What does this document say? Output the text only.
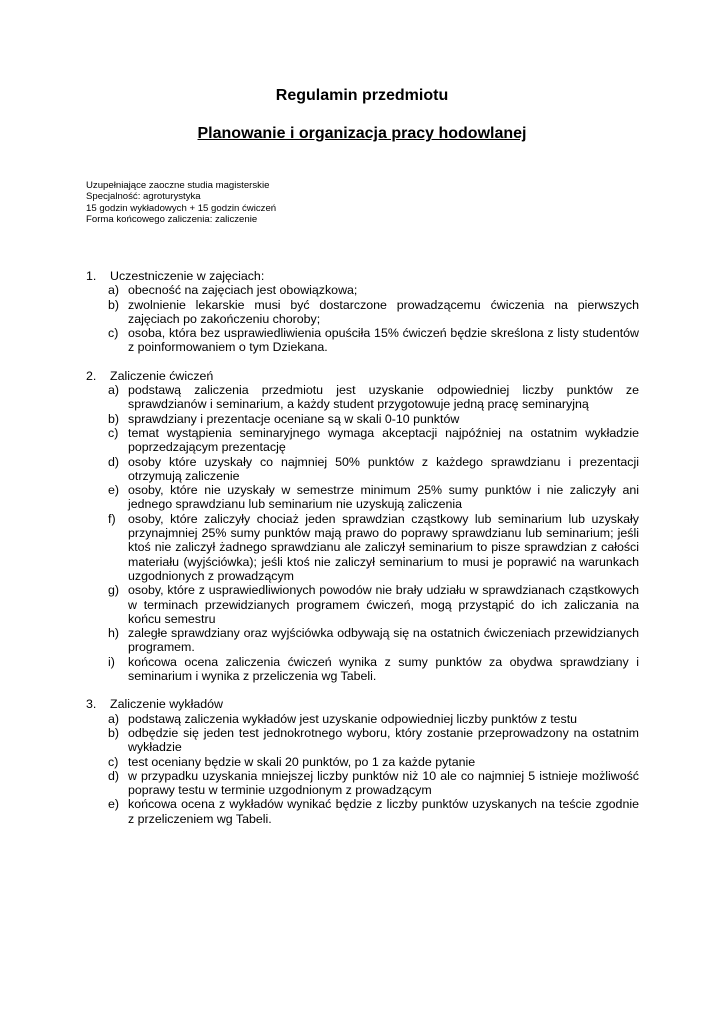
Regulamin przedmiotu
Planowanie i organizacja pracy hodowlanej
Uzupełniające zaoczne studia magisterskie
Specjalność: agroturystyka
15 godzin wykładowych + 15 godzin ćwiczeń
Forma końcowego zaliczenia: zaliczenie
1. Uczestniczenie w zajęciach:
a) obecność na zajęciach jest obowiązkowa;
b) zwolnienie lekarskie musi być dostarczone prowadzącemu ćwiczenia na pierwszych zajęciach po zakończeniu choroby;
c) osoba, która bez usprawiedliwienia opuściła 15% ćwiczeń będzie skreślona z listy studentów z poinformowaniem o tym Dziekana.
2. Zaliczenie ćwiczeń
a) podstawą zaliczenia przedmiotu jest uzyskanie odpowiedniej liczby punktów ze sprawdzianów i seminarium, a każdy student przygotowuje jedną pracę seminaryjną
b) sprawdziany i prezentacje oceniane są w skali 0-10 punktów
c) temat wystąpienia seminaryjnego wymaga akceptacji najpóźniej na ostatnim wykładzie poprzedzającym prezentację
d) osoby które uzyskały co najmniej 50% punktów z każdego sprawdzianu i prezentacji otrzymują zaliczenie
e) osoby, które nie uzyskały w semestrze minimum 25% sumy punktów i nie zaliczyły ani jednego sprawdzianu lub seminarium nie uzyskują zaliczenia
f) osoby, które zaliczyły chociaż jeden sprawdzian cząstkowy lub seminarium lub uzyskały przynajmniej 25% sumy punktów mają prawo do poprawy sprawdzianu lub seminarium; jeśli ktoś nie zaliczył żadnego sprawdzianu ale zaliczył seminarium to pisze sprawdzian z całości materiału (wyjściówka); jeśli ktoś nie zaliczył seminarium to musi je poprawić na warunkach uzgodnionych z prowadzącym
g) osoby, które z usprawiedliwionych powodów nie brały udziału w sprawdzianach cząstkowych w terminach przewidzianych programem ćwiczeń, mogą przystąpić do ich zaliczania na końcu semestru
h) zaległe sprawdziany oraz wyjściówka odbywają się na ostatnich ćwiczeniach przewidzianych programem.
i) końcowa ocena zaliczenia ćwiczeń wynika z sumy punktów za obydwa sprawdziany i seminarium i wynika z przeliczenia wg Tabeli.
3. Zaliczenie wykładów
a) podstawą zaliczenia wykładów jest uzyskanie odpowiedniej liczby punktów z testu
b) odbędzie się jeden test jednokrotnego wyboru, który zostanie przeprowadzony na ostatnim wykładzie
c) test oceniany będzie w skali 20 punktów, po 1 za każde pytanie
d) w przypadku uzyskania mniejszej liczby punktów niż 10 ale co najmniej 5 istnieje możliwość poprawy testu w terminie uzgodnionym z prowadzącym
e) końcowa ocena z wykładów wynikać będzie z liczby punktów uzyskanych na teście zgodnie z przeliczeniem wg Tabeli.
